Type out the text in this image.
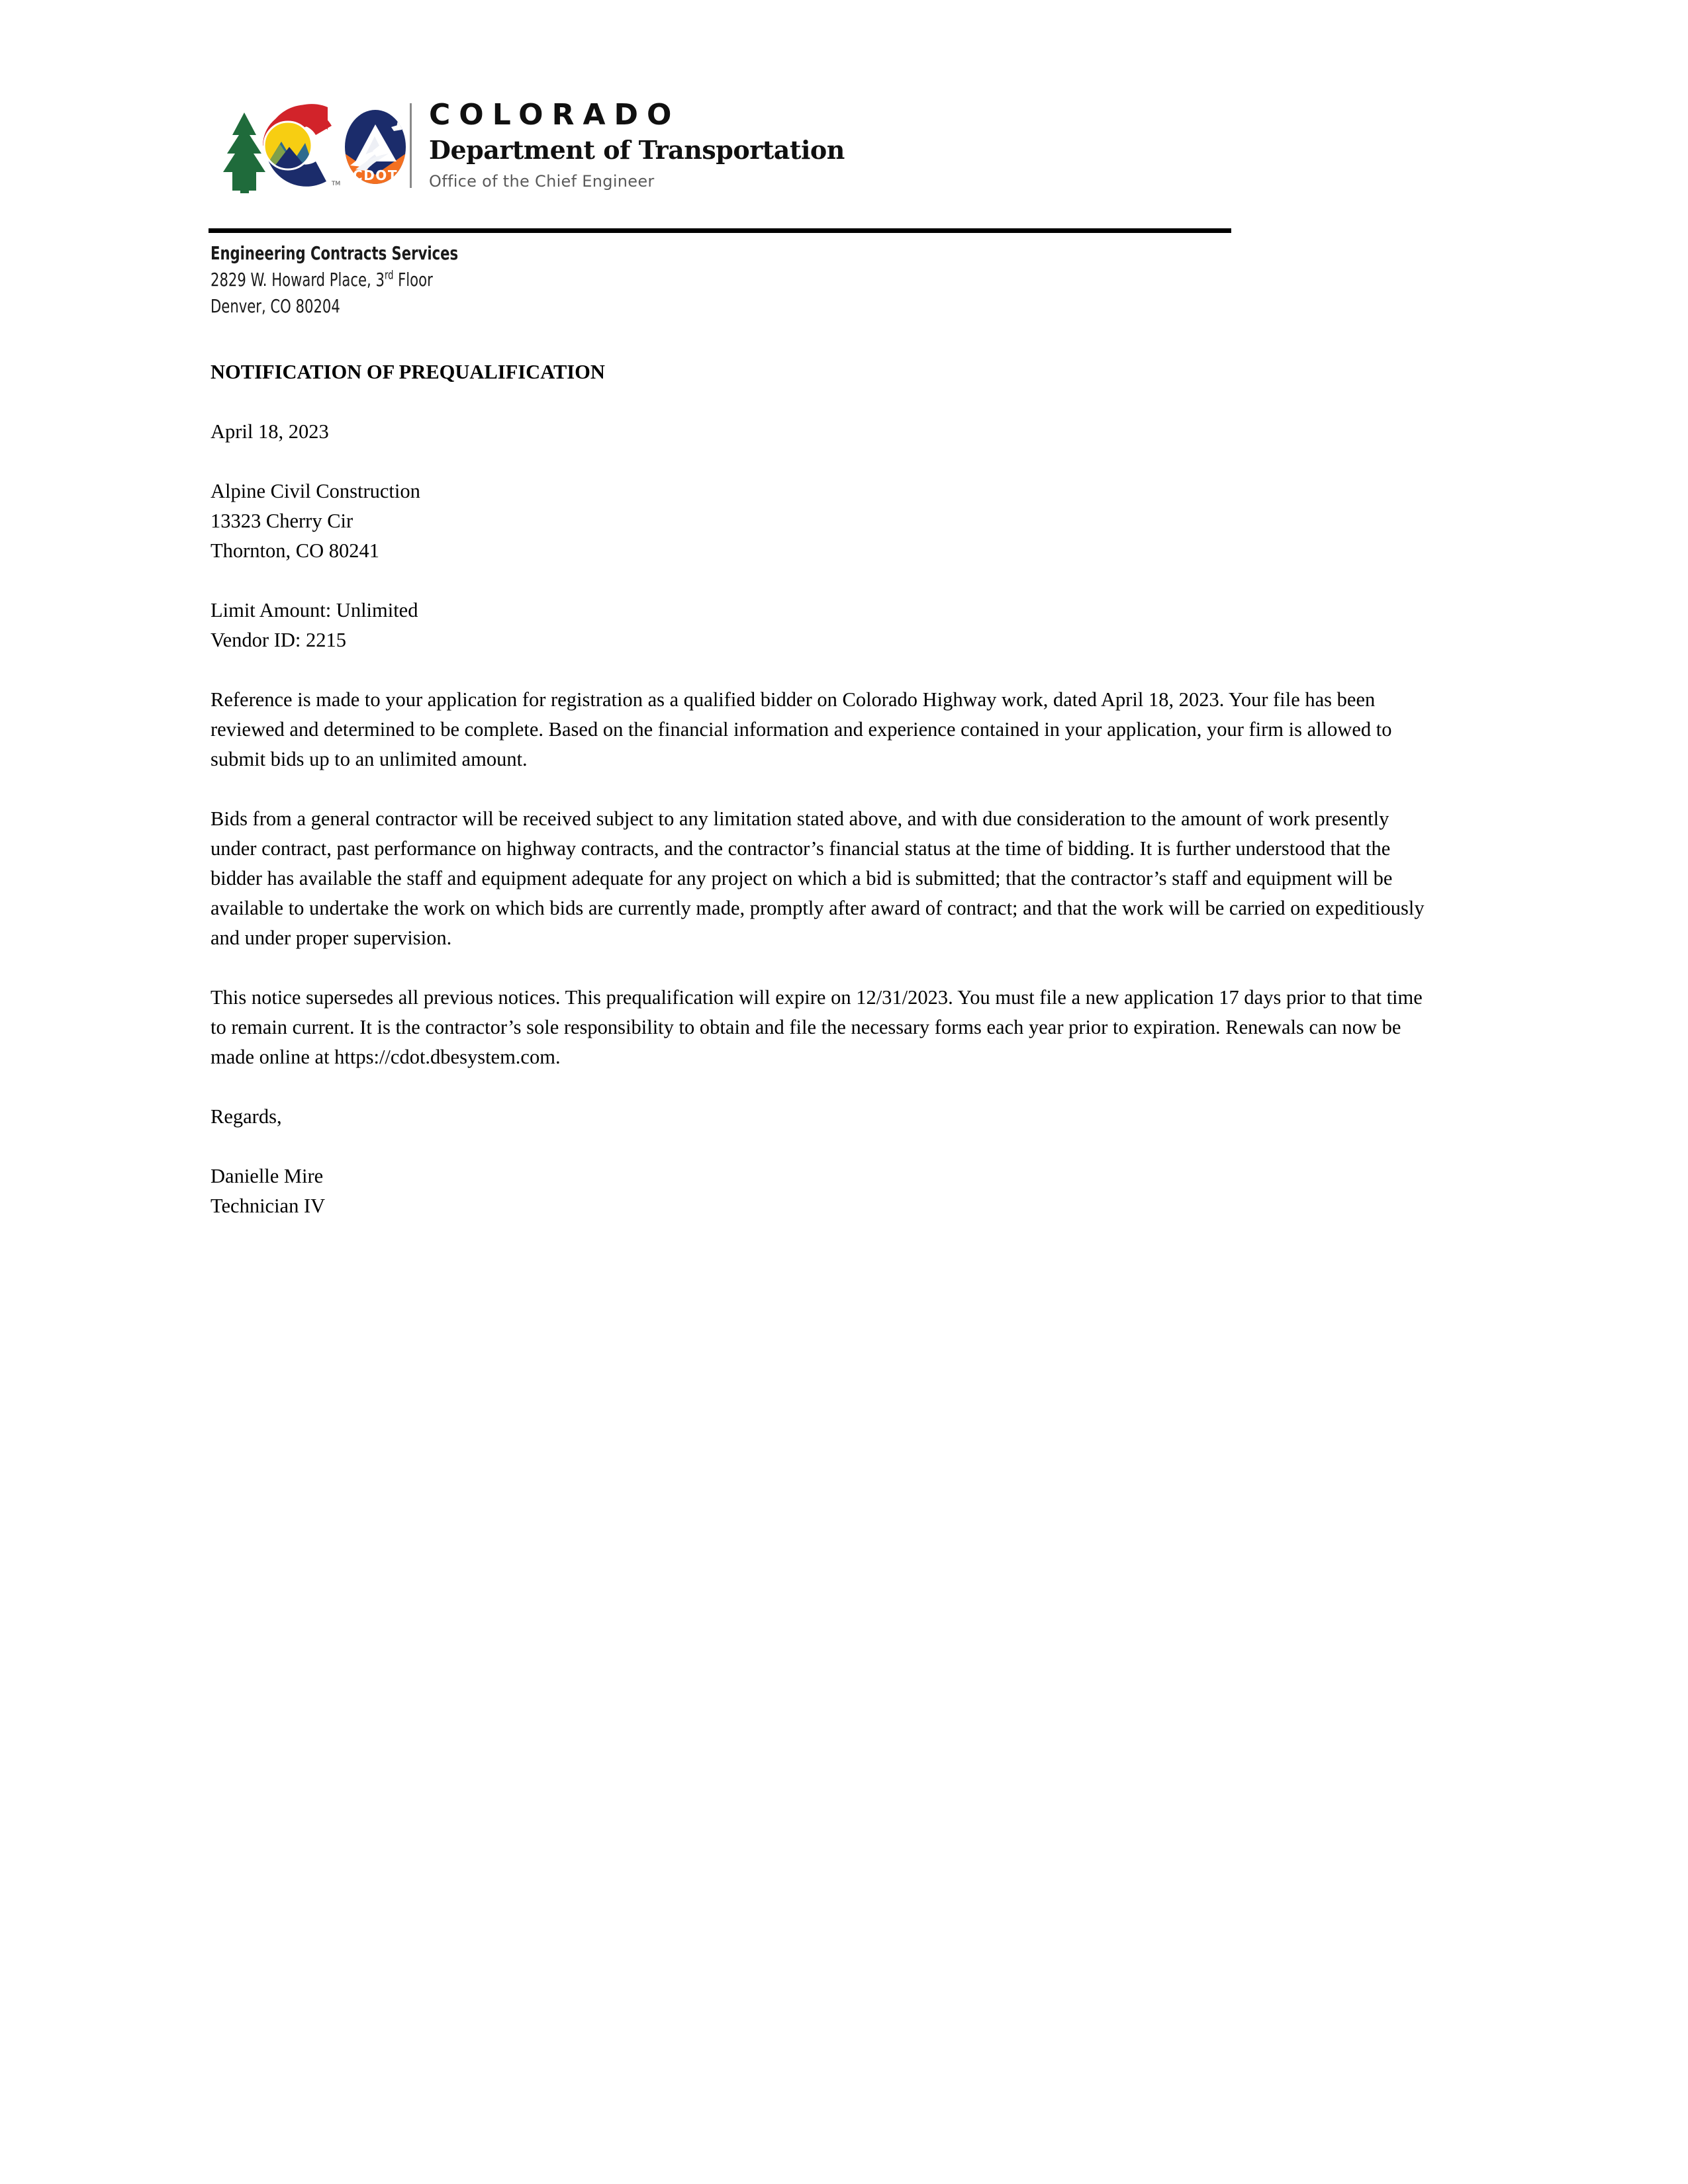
TM
CDOT
COLORADO
Department of Transportation
Office of the Chief Engineer
Engineering Contracts Services
2829 W. Howard Place, 3rd Floor
Denver, CO 80204

NOTIFICATION OF PREQUALIFICATION

April 18, 2023

Alpine Civil Construction

13323 Cherry Cir

Thornton, CO 80241

Limit Amount: Unlimited

Vendor ID: 2215

Reference is made to your application for registration as a qualified bidder on Colorado Highway work, dated April 18, 2023. Your file has been reviewed and determined to be complete. Based on the financial information and experience contained in your application, your firm is allowed to submit bids up to an unlimited amount.

Bids from a general contractor will be received subject to any limitation stated above, and with due consideration to the amount of work presently under contract, past performance on highway contracts, and the contractor’s financial status at the time of bidding. It is further understood that the bidder has available the staff and equipment adequate for any project on which a bid is submitted; that the contractor’s staff and equipment will be available to undertake the work on which bids are currently made, promptly after award of contract; and that the work will be carried on expeditiously and under proper supervision.

This notice supersedes all previous notices. This prequalification will expire on 12/31/2023. You must file a new application 17 days prior to that time to remain current. It is the contractor’s sole responsibility to obtain and file the necessary forms each year prior to expiration. Renewals can now be made online at https://cdot.dbesystem.com.

Regards,

Danielle Mire

Technician IV
